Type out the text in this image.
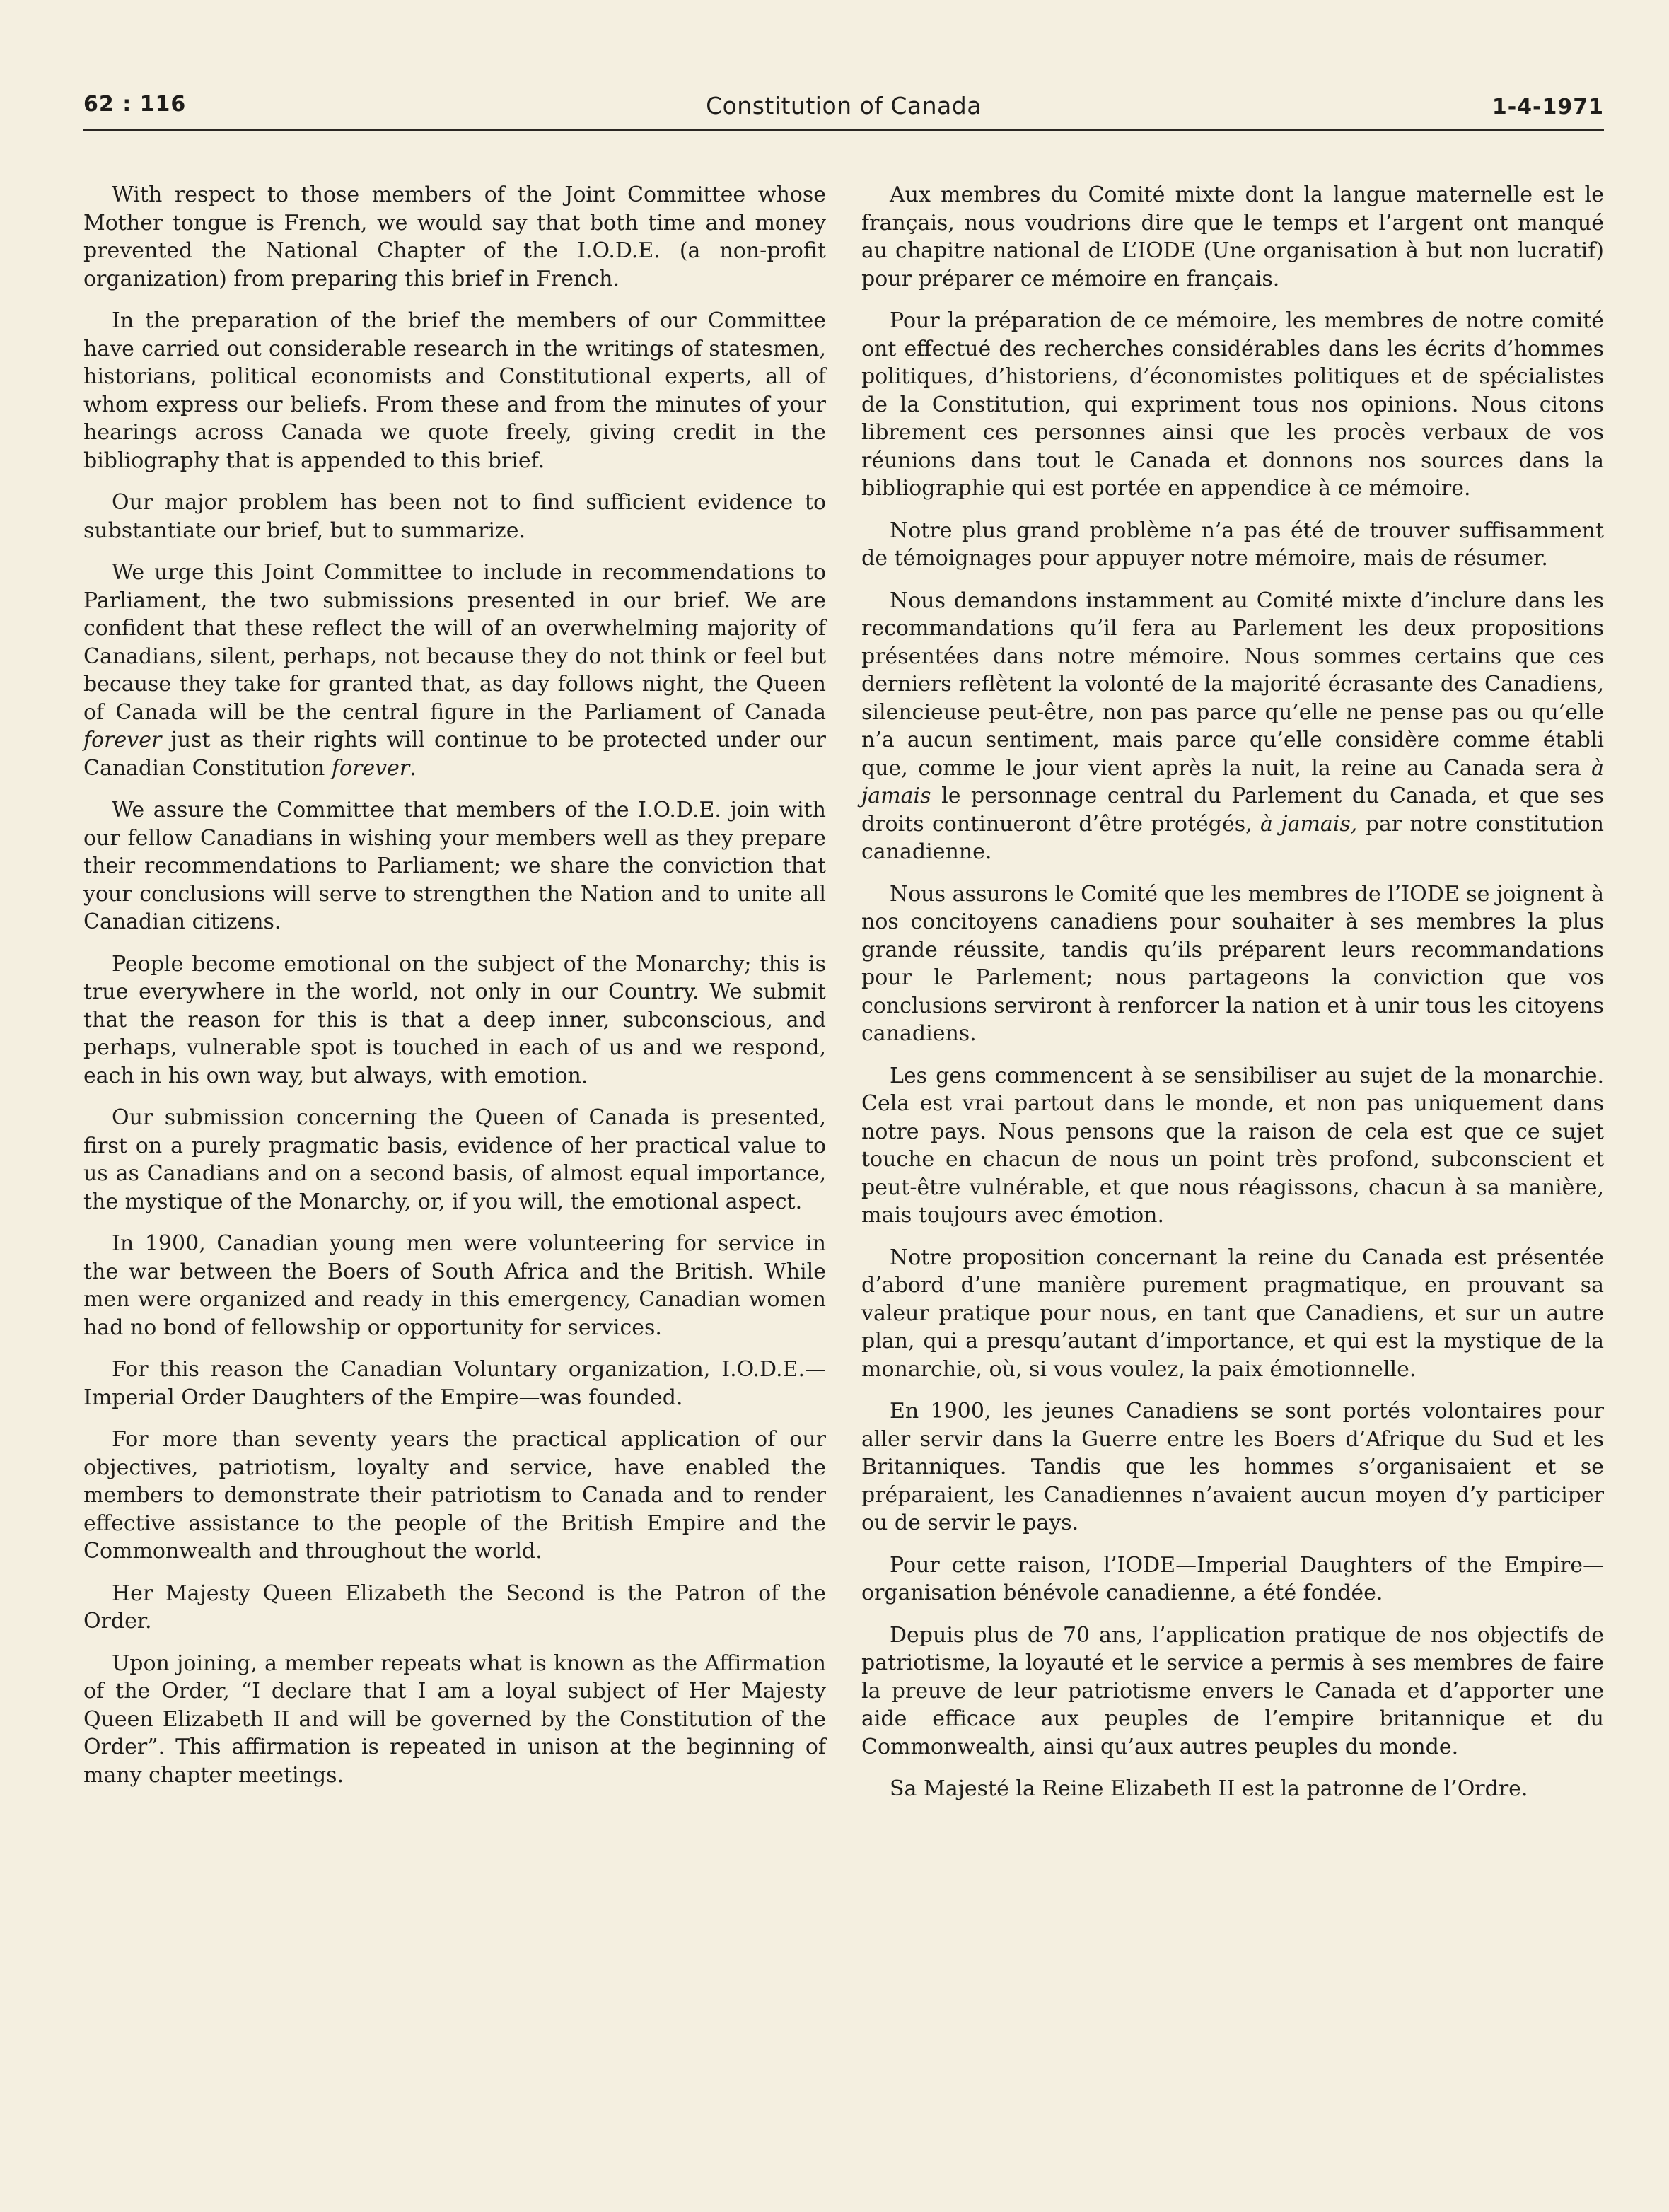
62 : 116	Constitution of Canada	1-4-1971

With respect to those members of the Joint Committee whose Mother tongue is French, we would say that both time and money prevented the National Chapter of the I.O.D.E. (a non-profit organization) from preparing this brief in French.

In the preparation of the brief the members of our Committee have carried out considerable research in the writings of statesmen, historians, political economists and Constitutional experts, all of whom express our beliefs. From these and from the minutes of your hearings across Canada we quote freely, giving credit in the bibliography that is appended to this brief.

Our major problem has been not to find sufficient evidence to substantiate our brief, but to summarize.

We urge this Joint Committee to include in recommendations to Parliament, the two submissions presented in our brief. We are confident that these reflect the will of an overwhelming majority of Canadians, silent, perhaps, not because they do not think or feel but because they take for granted that, as day follows night, the Queen of Canada will be the central figure in the Parliament of Canada forever just as their rights will continue to be protected under our Canadian Constitution forever.

We assure the Committee that members of the I.O.D.E. join with our fellow Canadians in wishing your members well as they prepare their recommendations to Parliament; we share the conviction that your conclusions will serve to strengthen the Nation and to unite all Canadian citizens.

People become emotional on the subject of the Monarchy; this is true everywhere in the world, not only in our Country. We submit that the reason for this is that a deep inner, subconscious, and perhaps, vulnerable spot is touched in each of us and we respond, each in his own way, but always, with emotion.

Our submission concerning the Queen of Canada is presented, first on a purely pragmatic basis, evidence of her practical value to us as Canadians and on a second basis, of almost equal importance, the mystique of the Monarchy, or, if you will, the emotional aspect.

In 1900, Canadian young men were volunteering for service in the war between the Boers of South Africa and the British. While men were organized and ready in this emergency, Canadian women had no bond of fellowship or opportunity for services.

For this reason the Canadian Voluntary organization, I.O.D.E.—Imperial Order Daughters of the Empire—was founded.

For more than seventy years the practical application of our objectives, patriotism, loyalty and service, have enabled the members to demonstrate their patriotism to Canada and to render effective assistance to the people of the British Empire and the Commonwealth and throughout the world.

Her Majesty Queen Elizabeth the Second is the Patron of the Order.

Upon joining, a member repeats what is known as the Affirmation of the Order, “I declare that I am a loyal subject of Her Majesty Queen Elizabeth II and will be governed by the Constitution of the Order”. This affirmation is repeated in unison at the beginning of many chapter meetings.

Aux membres du Comité mixte dont la langue maternelle est le français, nous voudrions dire que le temps et l’argent ont manqué au chapitre national de L’IODE (Une organisation à but non lucratif) pour préparer ce mémoire en français.

Pour la préparation de ce mémoire, les membres de notre comité ont effectué des recherches considérables dans les écrits d’hommes politiques, d’historiens, d’économistes politiques et de spécialistes de la Constitution, qui expriment tous nos opinions. Nous citons librement ces personnes ainsi que les procès verbaux de vos réunions dans tout le Canada et donnons nos sources dans la bibliographie qui est portée en appendice à ce mémoire.

Notre plus grand problème n’a pas été de trouver suffisamment de témoignages pour appuyer notre mémoire, mais de résumer.

Nous demandons instamment au Comité mixte d’inclure dans les recommandations qu’il fera au Parlement les deux propositions présentées dans notre mémoire. Nous sommes certains que ces derniers reflètent la volonté de la majorité écrasante des Canadiens, silencieuse peut-être, non pas parce qu’elle ne pense pas ou qu’elle n’a aucun sentiment, mais parce qu’elle considère comme établi que, comme le jour vient après la nuit, la reine au Canada sera à jamais le personnage central du Parlement du Canada, et que ses droits continueront d’être protégés, à jamais, par notre constitution canadienne.

Nous assurons le Comité que les membres de l’IODE se joignent à nos concitoyens canadiens pour souhaiter à ses membres la plus grande réussite, tandis qu’ils préparent leurs recommandations pour le Parlement; nous partageons la conviction que vos conclusions serviront à renforcer la nation et à unir tous les citoyens canadiens.

Les gens commencent à se sensibiliser au sujet de la monarchie. Cela est vrai partout dans le monde, et non pas uniquement dans notre pays. Nous pensons que la raison de cela est que ce sujet touche en chacun de nous un point très profond, subconscient et peut-être vulnérable, et que nous réagissons, chacun à sa manière, mais toujours avec émotion.

Notre proposition concernant la reine du Canada est présentée d’abord d’une manière purement pragmatique, en prouvant sa valeur pratique pour nous, en tant que Canadiens, et sur un autre plan, qui a presqu’autant d’importance, et qui est la mystique de la monarchie, où, si vous voulez, la paix émotionnelle.

En 1900, les jeunes Canadiens se sont portés volontaires pour aller servir dans la Guerre entre les Boers d’Afrique du Sud et les Britanniques. Tandis que les hommes s’organisaient et se préparaient, les Canadiennes n’avaient aucun moyen d’y participer ou de servir le pays.

Pour cette raison, l’IODE—Imperial Daughters of the Empire—organisation bénévole canadienne, a été fondée.

Depuis plus de 70 ans, l’application pratique de nos objectifs de patriotisme, la loyauté et le service a permis à ses membres de faire la preuve de leur patriotisme envers le Canada et d’apporter une aide efficace aux peuples de l’empire britannique et du Commonwealth, ainsi qu’aux autres peuples du monde.

Sa Majesté la Reine Elizabeth II est la patronne de l’Ordre.
